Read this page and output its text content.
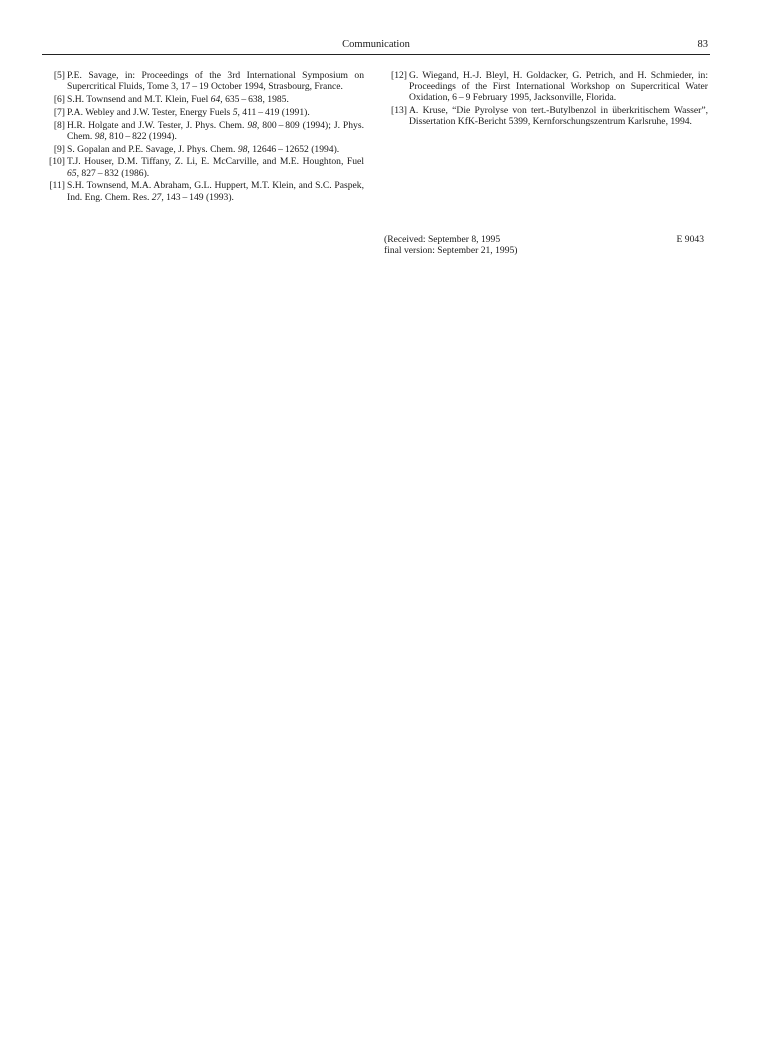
Communication	83
[5] P.E. Savage, in: Proceedings of the 3rd International Symposium on Supercritical Fluids, Tome 3, 17 – 19 October 1994, Strasbourg, France.
[6] S.H. Townsend and M.T. Klein, Fuel 64, 635 – 638, 1985.
[7] P.A. Webley and J.W. Tester, Energy Fuels 5, 411 – 419 (1991).
[8] H.R. Holgate and J.W. Tester, J. Phys. Chem. 98, 800 – 809 (1994); J. Phys. Chem. 98, 810 – 822 (1994).
[9] S. Gopalan and P.E. Savage, J. Phys. Chem. 98, 12646 – 12652 (1994).
[10] T.J. Houser, D.M. Tiffany, Z. Li, E. McCarville, and M.E. Houghton, Fuel 65, 827 – 832 (1986).
[11] S.H. Townsend, M.A. Abraham, G.L. Huppert, M.T. Klein, and S.C. Paspek, Ind. Eng. Chem. Res. 27, 143 – 149 (1993).
[12] G. Wiegand, H.-J. Bleyl, H. Goldacker, G. Petrich, and H. Schmieder, in: Proceedings of the First International Workshop on Supercritical Water Oxidation, 6 – 9 February 1995, Jacksonville, Florida.
[13] A. Kruse, “Die Pyrolyse von tert.-Butylbenzol in überkritischem Wasser”, Dissertation KfK-Bericht 5399, Kernforschungszentrum Karlsruhe, 1994.
(Received: September 8, 1995
final version: September 21, 1995)
E 9043
